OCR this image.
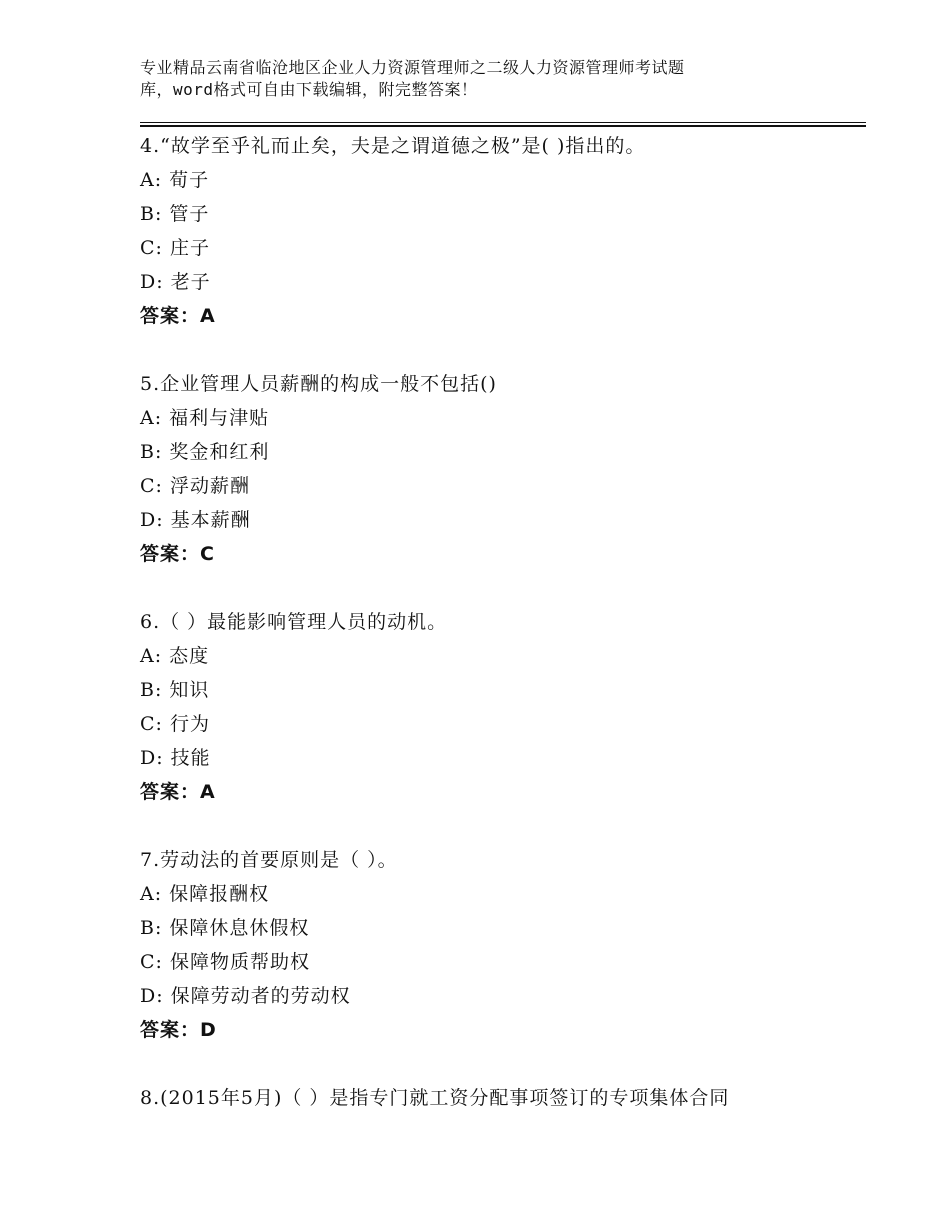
专业精品云南省临沧地区企业人力资源管理师之二级人力资源管理师考试题
库，word格式可自由下载编辑，附完整答案！
4.“故学至乎礼而止矣，夫是之谓道德之极”是( )指出的。
A: 荀子
B: 管子
C: 庄子
D: 老子
答案：A
5.企业管理人员薪酬的构成一般不包括()
A: 福利与津贴
B: 奖金和红利
C: 浮动薪酬
D: 基本薪酬
答案：C
6.（ ）最能影响管理人员的动机。
A: 态度
B: 知识
C: 行为
D: 技能
答案：A
7.劳动法的首要原则是（ ）。
A: 保障报酬权
B: 保障休息休假权
C: 保障物质帮助权
D: 保障劳动者的劳动权
答案：D
8.(2015年5月)（ ）是指专门就工资分配事项签订的专项集体合同
